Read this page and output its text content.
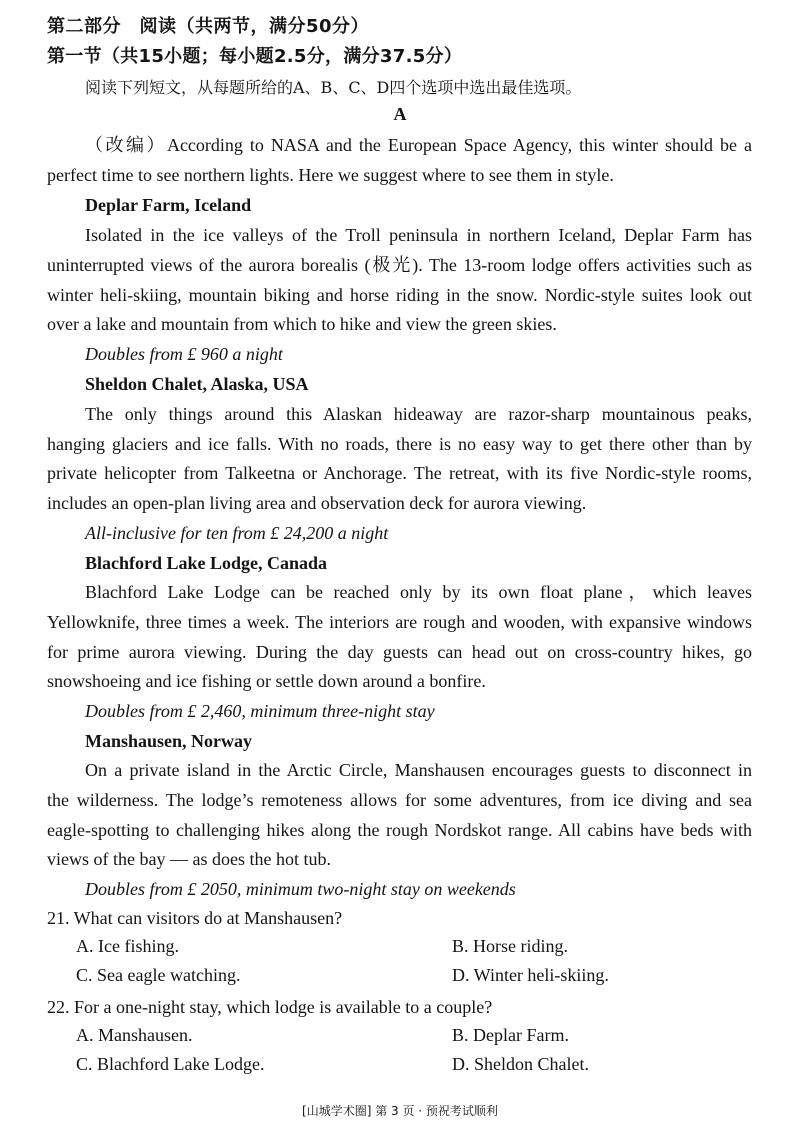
第二部分　阅读（共两节，满分50分）
第一节（共15小题；每小题2.5分，满分37.5分）
阅读下列短文，从每题所给的A、B、C、D四个选项中选出最佳选项。
A
（改编）According to NASA and the European Space Agency, this winter should be a
perfect time to see northern lights. Here we suggest where to see them in style.
Deplar Farm, Iceland
Isolated in the ice valleys of the Troll peninsula in northern Iceland, Deplar Farm has
uninterrupted views of the aurora borealis (极光). The 13-room lodge offers activities such as
winter heli-skiing, mountain biking and horse riding in the snow. Nordic-style suites look out
over a lake and mountain from which to hike and view the green skies.
Doubles from £ 960 a night
Sheldon Chalet, Alaska, USA
The only things around this Alaskan hideaway are razor-sharp mountainous peaks,
hanging glaciers and ice falls. With no roads, there is no easy way to get there other than by
private helicopter from Talkeetna or Anchorage. The retreat, with its five Nordic-style rooms,
includes an open-plan living area and observation deck for aurora viewing.
All-inclusive for ten from £ 24,200 a night
Blachford Lake Lodge, Canada
Blachford Lake Lodge can be reached only by its own float plane，which leaves
Yellowknife, three times a week. The interiors are rough and wooden, with expansive windows
for prime aurora viewing. During the day guests can head out on cross-country hikes, go
snowshoeing and ice fishing or settle down around a bonfire.
Doubles from £ 2,460, minimum three-night stay
Manshausen, Norway
On a private island in the Arctic Circle, Manshausen encourages guests to disconnect in
the wilderness. The lodge’s remoteness allows for some adventures, from ice diving and sea
eagle-spotting to challenging hikes along the rough Nordskot range. All cabins have beds with
views of the bay — as does the hot tub.
Doubles from £ 2050, minimum two-night stay on weekends
21. What can visitors do at Manshausen?
A. Ice fishing.	B. Horse riding.
C. Sea eagle watching.	D. Winter heli-skiing.
22. For a one-night stay, which lodge is available to a couple?
A. Manshausen.	B. Deplar Farm.
C. Blachford Lake Lodge.	D. Sheldon Chalet.
[山城学术圈] 第 3 页 · 预祝考试顺利
